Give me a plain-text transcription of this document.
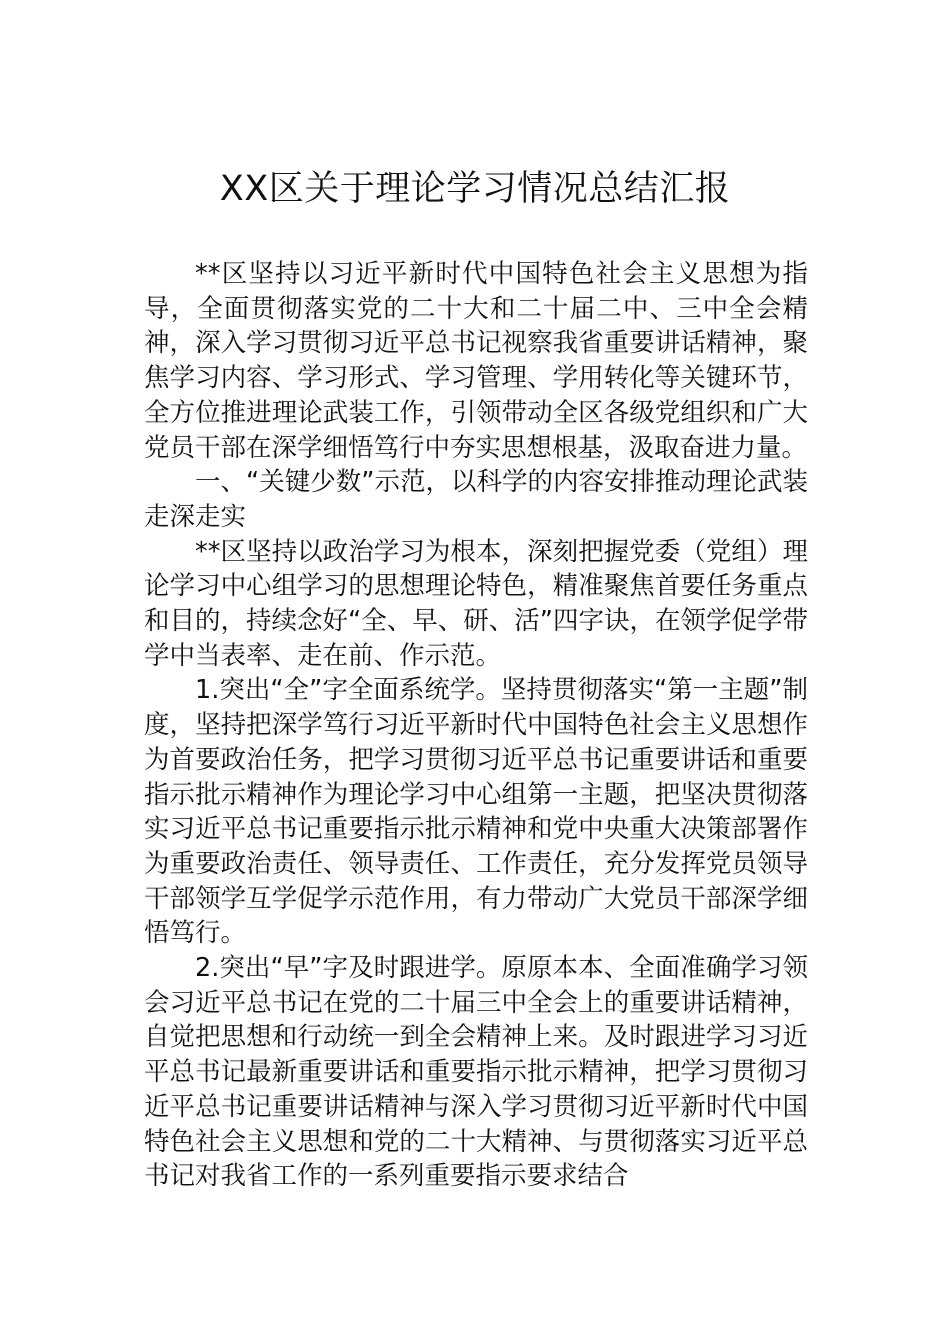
XX区关于理论学习情况总结汇报

**区坚持以习近平新时代中国特色社会主义思想为指导，全面贯彻落实党的二十大和二十届二中、三中全会精神，深入学习贯彻习近平总书记视察我省重要讲话精神，聚焦学习内容、学习形式、学习管理、学用转化等关键环节，全方位推进理论武装工作，引领带动全区各级党组织和广大党员干部在深学细悟笃行中夯实思想根基，汲取奋进力量。

一、“关键少数”示范，以科学的内容安排推动理论武装走深走实

**区坚持以政治学习为根本，深刻把握党委（党组）理论学习中心组学习的思想理论特色，精准聚焦首要任务重点和目的，持续念好“全、早、研、活”四字诀，在领学促学带学中当表率、走在前、作示范。

1.突出“全”字全面系统学。坚持贯彻落实“第一主题”制度，坚持把深学笃行习近平新时代中国特色社会主义思想作为首要政治任务，把学习贯彻习近平总书记重要讲话和重要指示批示精神作为理论学习中心组第一主题，把坚决贯彻落实习近平总书记重要指示批示精神和党中央重大决策部署作为重要政治责任、领导责任、工作责任，充分发挥党员领导干部领学互学促学示范作用，有力带动广大党员干部深学细悟笃行。

2.突出“早”字及时跟进学。原原本本、全面准确学习领会习近平总书记在党的二十届三中全会上的重要讲话精神，自觉把思想和行动统一到全会精神上来。及时跟进学习习近平总书记最新重要讲话和重要指示批示精神，把学习贯彻习近平总书记重要讲话精神与深入学习贯彻习近平新时代中国特色社会主义思想和党的二十大精神、与贯彻落实习近平总书记对我省工作的一系列重要指示要求结合
